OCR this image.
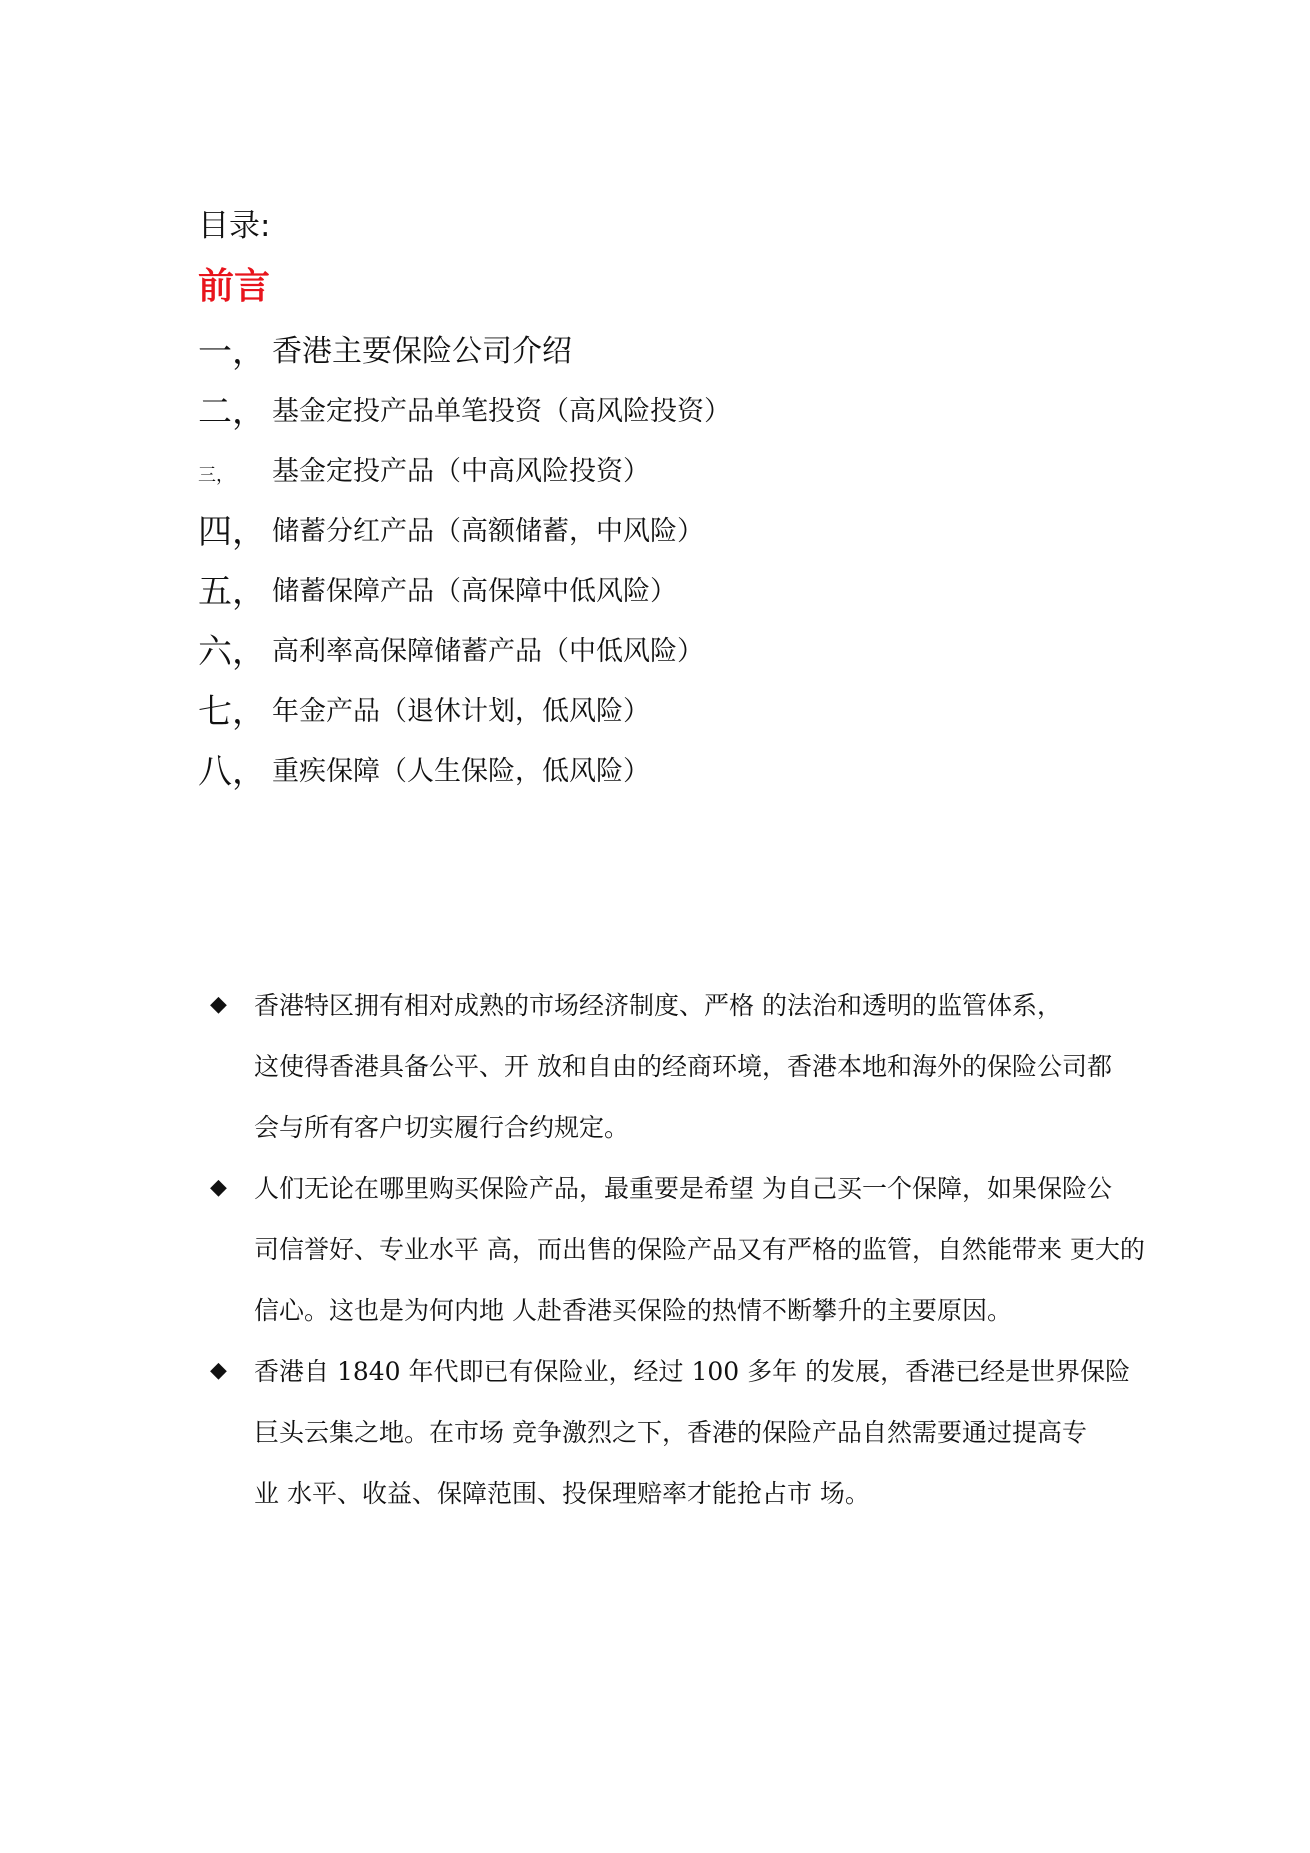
目录:
前言
一， 香港主要保险公司介绍
二， 基金定投产品单笔投资（高风险投资）
三， 基金定投产品（中高风险投资）
四， 储蓄分红产品（高额储蓄，中风险）
五， 储蓄保障产品（高保障中低风险）
六， 高利率高保障储蓄产品（中低风险）
七， 年金产品（退休计划，低风险）
八， 重疾保障（人生保险，低风险）
◆ 香港特区拥有相对成熟的市场经济制度、严格 的法治和透明的监管体系，
这使得香港具备公平、开 放和自由的经商环境，香港本地和海外的保险公司都
会与所有客户切实履行合约规定。
◆ 人们无论在哪里购买保险产品，最重要是希望 为自己买一个保障，如果保险公
司信誉好、专业水平 高，而出售的保险产品又有严格的监管，自然能带来 更大的
信心。这也是为何内地 人赴香港买保险的热情不断攀升的主要原因。
◆ 香港自 1840 年代即已有保险业，经过 100 多年 的发展，香港已经是世界保险
巨头云集之地。在市场 竞争激烈之下，香港的保险产品自然需要通过提高专
业 水平、收益、保障范围、投保理赔率才能抢占市 场。
